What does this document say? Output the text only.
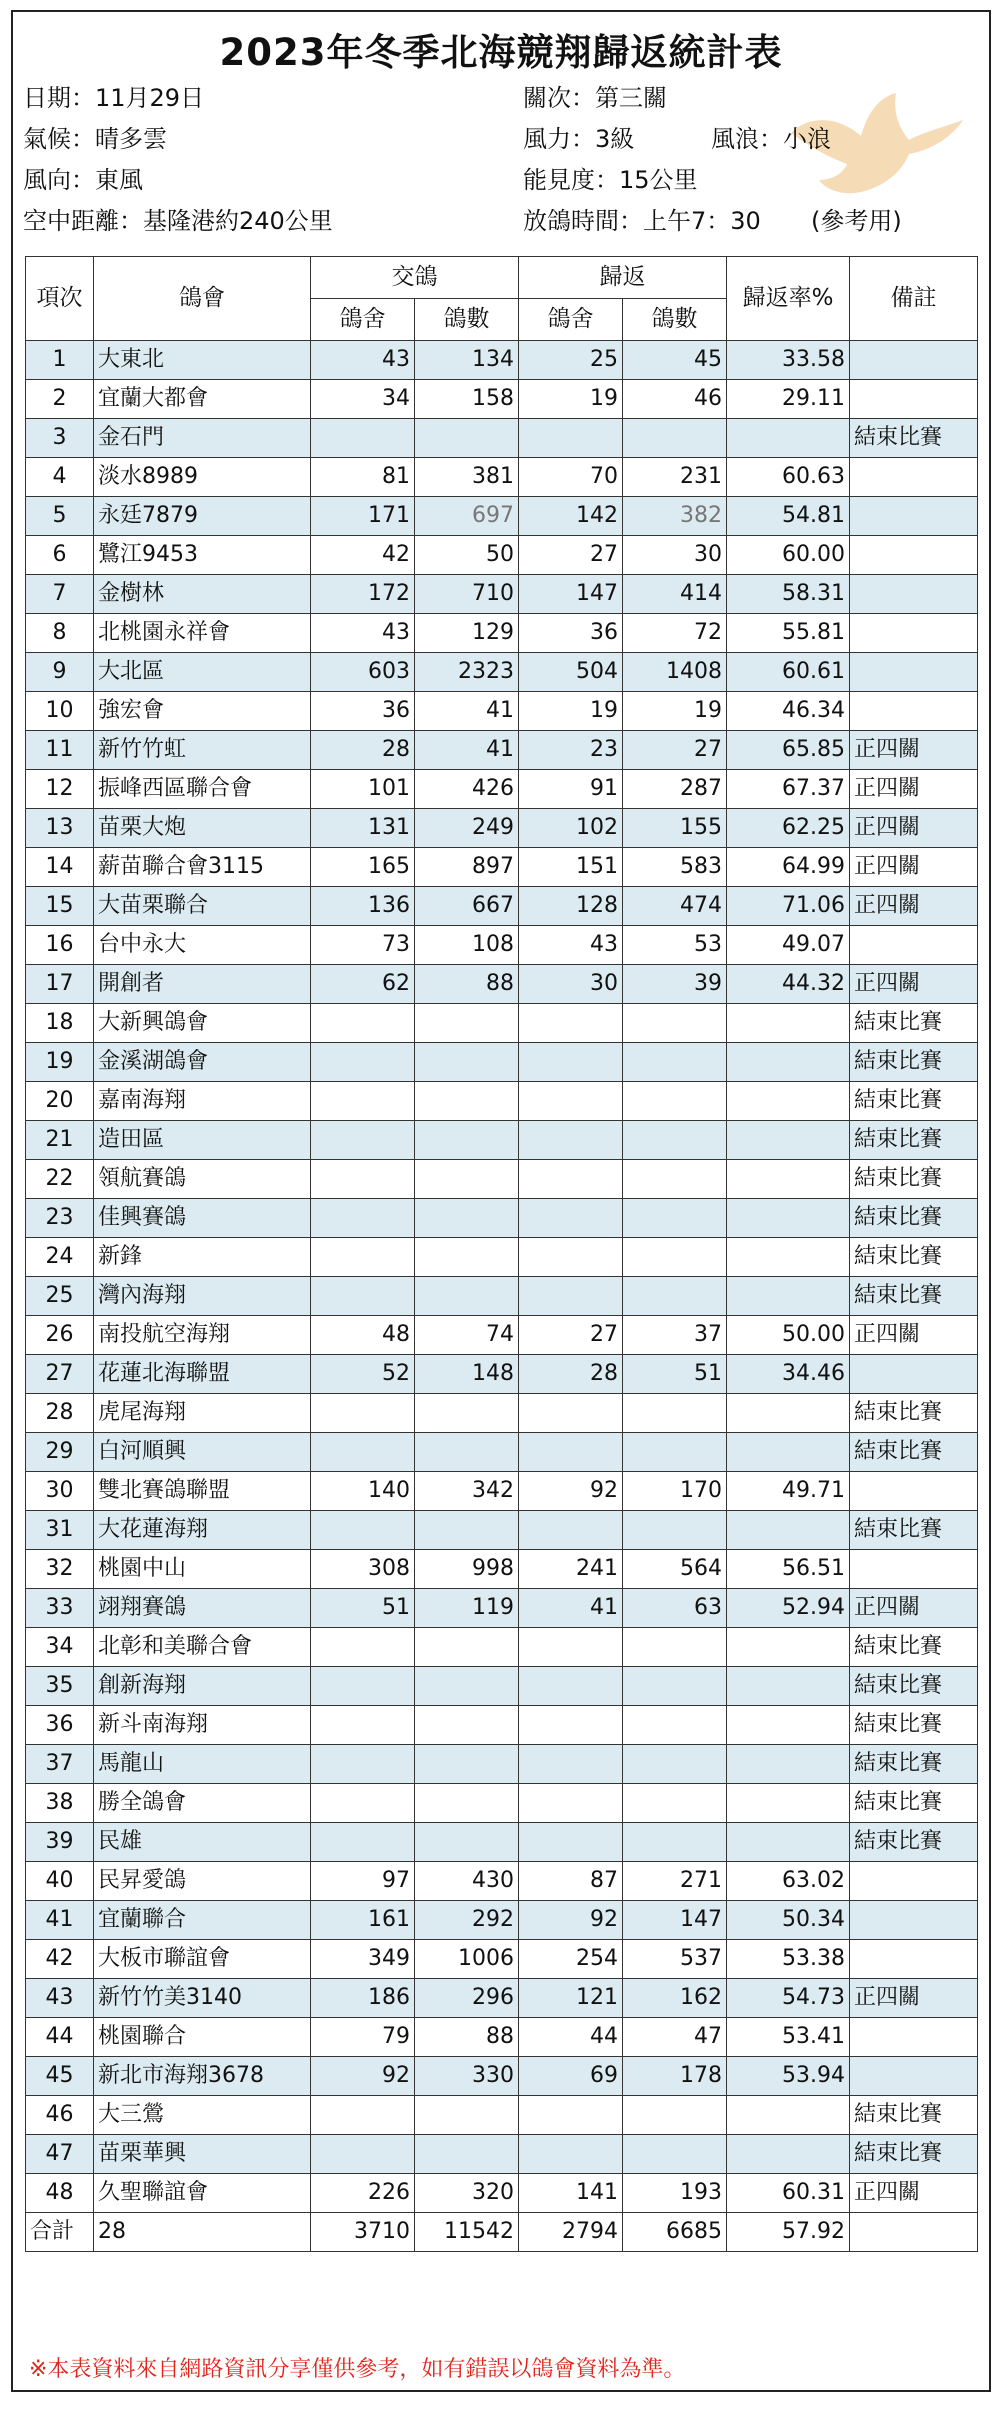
2023年冬季北海競翔歸返統計表
日期：11月29日
氣候：晴多雲
風向：東風
空中距離：基隆港約240公里
關次：第三關
風力：3級	風浪：小浪
能見度：15公里
放鴿時間：上午7：30 (參考用)
項次	鴿會	交鴿		歸返		歸返率%	備註
		鴿舍	鴿數	鴿舍	鴿數		
1	大東北	43	134	25	45	33.58	
2	宜蘭大都會	34	158	19	46	29.11	
3	金石門						結束比賽
4	淡水8989	81	381	70	231	60.63	
5	永廷7879	171	697	142	382	54.81	
6	鷺江9453	42	50	27	30	60.00	
7	金樹林	172	710	147	414	58.31	
8	北桃園永祥會	43	129	36	72	55.81	
9	大北區	603	2323	504	1408	60.61	
10	強宏會	36	41	19	19	46.34	
11	新竹竹虹	28	41	23	27	65.85	正四關
12	振峰西區聯合會	101	426	91	287	67.37	正四關
13	苗栗大炮	131	249	102	155	62.25	正四關
14	薪苗聯合會3115	165	897	151	583	64.99	正四關
15	大苗栗聯合	136	667	128	474	71.06	正四關
16	台中永大	73	108	43	53	49.07	
17	開創者	62	88	30	39	44.32	正四關
18	大新興鴿會						結束比賽
19	金溪湖鴿會						結束比賽
20	嘉南海翔						結束比賽
21	造田區						結束比賽
22	領航賽鴿						結束比賽
23	佳興賽鴿						結束比賽
24	新鋒						結束比賽
25	灣內海翔						結束比賽
26	南投航空海翔	48	74	27	37	50.00	正四關
27	花蓮北海聯盟	52	148	28	51	34.46	
28	虎尾海翔						結束比賽
29	白河順興						結束比賽
30	雙北賽鴿聯盟	140	342	92	170	49.71	
31	大花蓮海翔						結束比賽
32	桃園中山	308	998	241	564	56.51	
33	翊翔賽鴿	51	119	41	63	52.94	正四關
34	北彰和美聯合會						結束比賽
35	創新海翔						結束比賽
36	新斗南海翔						結束比賽
37	馬龍山						結束比賽
38	勝全鴿會						結束比賽
39	民雄						結束比賽
40	民昇愛鴿	97	430	87	271	63.02	
41	宜蘭聯合	161	292	92	147	50.34	
42	大板市聯誼會	349	1006	254	537	53.38	
43	新竹竹美3140	186	296	121	162	54.73	正四關
44	桃園聯合	79	88	44	47	53.41	
45	新北市海翔3678	92	330	69	178	53.94	
46	大三鶯						結束比賽
47	苗栗華興						結束比賽
48	久聖聯誼會	226	320	141	193	60.31	正四關
合計	28	3710	11542	2794	6685	57.92	
※本表資料來自網路資訊分享僅供參考，如有錯誤以鴿會資料為準。
